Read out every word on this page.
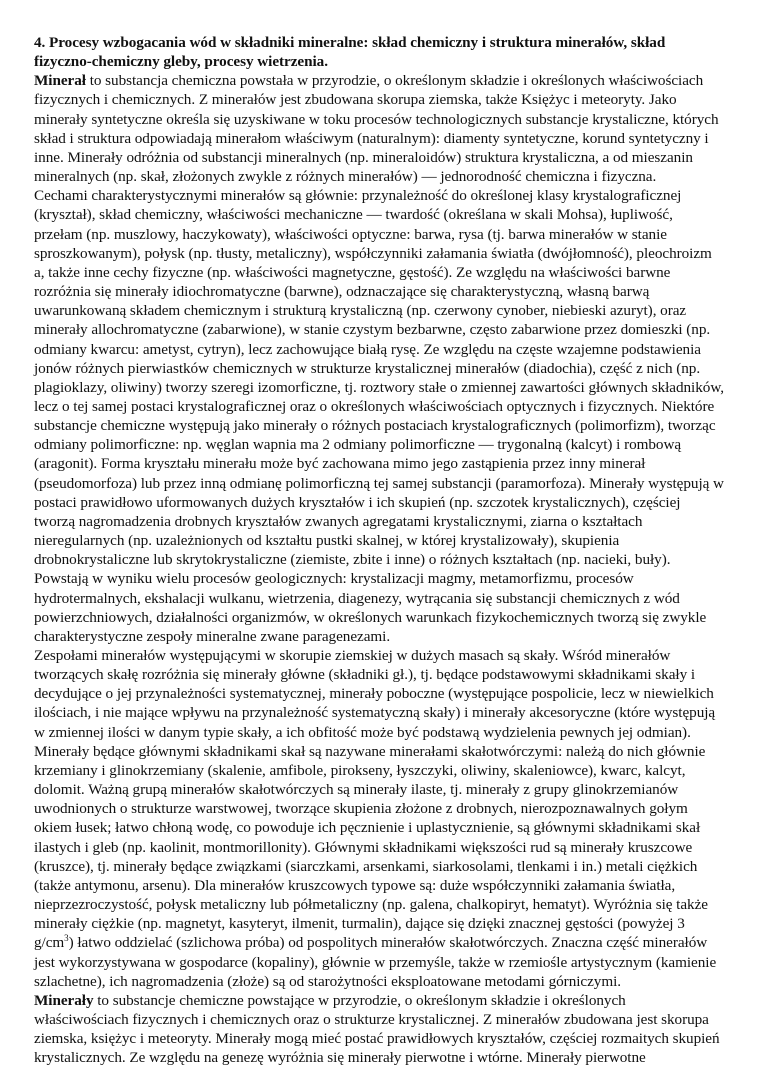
4. Procesy wzbogacania wód w składniki mineralne: skład chemiczny i struktura minerałów, skład fizyczno-chemiczny gleby, procesy wietrzenia.

Minerał to substancja chemiczna powstała w przyrodzie, o określonym składzie i określonych właściwościach fizycznych i chemicznych. Z minerałów jest zbudowana skorupa ziemska, także Księżyc i meteoryty. Jako minerały syntetyczne określa się uzyskiwane w toku procesów technologicznych substancje krystaliczne, których skład i struktura odpowiadają minerałom właściwym (naturalnym): diamenty syntetyczne, korund syntetyczny i inne. Minerały odróżnia od substancji mineralnych (np. mineraloidów) struktura krystaliczna, a od mieszanin mineralnych (np. skał, złożonych zwykle z różnych minerałów) — jednorodność chemiczna i fizyczna.

Cechami charakterystycznymi minerałów są głównie: przynależność do określonej klasy krystalograficznej (kryształ), skład chemiczny, właściwości mechaniczne — twardość (określana w skali Mohsa), łupliwość, przełam (np. muszlowy, haczykowaty), właściwości optyczne: barwa, rysa (tj. barwa minerałów w stanie sproszkowanym), połysk (np. tłusty, metaliczny), współczynniki załamania światła (dwójłomność), pleochroizm a, także inne cechy fizyczne (np. właściwości magnetyczne, gęstość). Ze względu na właściwości barwne rozróżnia się minerały idiochromatyczne (barwne), odznaczające się charakterystyczną, własną barwą uwarunkowaną składem chemicznym i strukturą krystaliczną (np. czerwony cynober, niebieski azuryt), oraz minerały allochromatyczne (zabarwione), w stanie czystym bezbarwne, często zabarwione przez domieszki (np. odmiany kwarcu: ametyst, cytryn), lecz zachowujące białą rysę. Ze względu na częste wzajemne podstawienia jonów różnych pierwiastków chemicznych w strukturze krystalicznej minerałów (diadochia), część z nich (np. plagioklazy, oliwiny) tworzy szeregi izomorficzne, tj. roztwory stałe o zmiennej zawartości głównych składników, lecz o tej samej postaci krystalograficznej oraz o określonych właściwościach optycznych i fizycznych. Niektóre substancje chemiczne występują jako minerały o różnych postaciach krystalograficznych (polimorfizm), tworząc odmiany polimorficzne: np. węglan wapnia ma 2 odmiany polimorficzne — trygonalną (kalcyt) i rombową (aragonit). Forma kryształu minerału może być zachowana mimo jego zastąpienia przez inny minerał (pseudomorfoza) lub przez inną odmianę polimorficzną tej samej substancji (paramorfoza). Minerały występują w postaci prawidłowo uformowanych dużych kryształów i ich skupień (np. szczotek krystalicznych), częściej tworzą nagromadzenia drobnych kryształów zwanych agregatami krystalicznymi, ziarna o kształtach nieregularnych (np. uzależnionych od kształtu pustki skalnej, w której krystalizowały), skupienia drobnokrystaliczne lub skrytokrystaliczne (ziemiste, zbite i inne) o różnych kształtach (np. nacieki, buły). Powstają w wyniku wielu procesów geologicznych: krystalizacji magmy, metamorfizmu, procesów hydrotermalnych, ekshalacji wulkanu, wietrzenia, diagenezy, wytrącania się substancji chemicznych z wód powierzchniowych, działalności organizmów, w określonych warunkach fizykochemicznych tworzą się zwykle charakterystyczne zespoły mineralne zwane paragenezami.

Zespołami minerałów występującymi w skorupie ziemskiej w dużych masach są skały. Wśród minerałów tworzących skałę rozróżnia się minerały główne (składniki gł.), tj. będące podstawowymi składnikami skały i decydujące o jej przynależności systematycznej, minerały poboczne (występujące pospolicie, lecz w niewielkich ilościach, i nie mające wpływu na przynależność systematyczną skały) i minerały akcesoryczne (które występują w zmiennej ilości w danym typie skały, a ich obfitość może być podstawą wydzielenia pewnych jej odmian). Minerały będące głównymi składnikami skał są nazywane minerałami skałotwórczymi: należą do nich głównie krzemiany i glinokrzemiany (skalenie, amfibole, pirokseny, łyszczyki, oliwiny, skaleniowce), kwarc, kalcyt, dolomit. Ważną grupą minerałów skałotwórczych są minerały ilaste, tj. minerały z grupy glinokrzemianów uwodnionych o strukturze warstwowej, tworzące skupienia złożone z drobnych, nierozpoznawalnych gołym okiem łusek; łatwo chłoną wodę, co powoduje ich pęcznienie i uplastycznienie, są głównymi składnikami skał ilastych i gleb (np. kaolinit, montmorillonity). Głównymi składnikami większości rud są minerały kruszcowe (kruszce), tj. minerały będące związkami (siarczkami, arsenkami, siarkosolami, tlenkami i in.) metali ciężkich (także antymonu, arsenu). Dla minerałów kruszcowych typowe są: duże współczynniki załamania światła, nieprzezroczystość, połysk metaliczny lub półmetaliczny (np. galena, chalkopiryt, hematyt). Wyróżnia się także minerały ciężkie (np. magnetyt, kasyteryt, ilmenit, turmalin), dające się dzięki znacznej gęstości (powyżej 3 $g/cm^3$) łatwo oddzielać (szlichowa próba) od pospolitych minerałów skałotwórczych. Znaczna część minerałów jest wykorzystywana w gospodarce (kopaliny), głównie w przemyśle, także w rzemiośle artystycznym (kamienie szlachetne), ich nagromadzenia (złoże) są od starożytności eksploatowane metodami górniczymi.

Minerały to substancje chemiczne powstające w przyrodzie, o określonym składzie i określonych właściwościach fizycznych i chemicznych oraz o strukturze krystalicznej. Z minerałów zbudowana jest skorupa ziemska, księżyc i meteoryty. Minerały mogą mieć postać prawidłowych kryształów, częściej rozmaitych skupień krystalicznych. Ze względu na genezę wyróżnia się minerały pierwotne i wtórne. Minerały pierwotne
